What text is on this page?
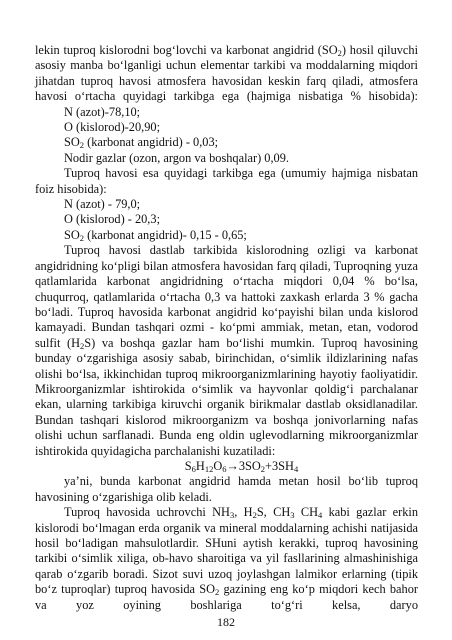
lekin tuproq kislorodni bog‘lovchi va karbonat angidrid $(SO_2)$ hosil qiluvchi asosiy manba bo‘lganligi uchun elementar tarkibi va moddalarning miqdori jihatdan tuproq havosi atmosfera havosidan keskin farq qiladi, atmosfera havosi o‘rtacha quyidagi tarkibga ega (hajmiga nisbatiga % hisobida):

N (azot)-78,10;

O (kislorod)-20,90;

$SO_2$ (karbonat angidrid) - 0,03;

Nodir gazlar (ozon, argon va boshqalar) 0,09.

Tuproq havosi esa quyidagi tarkibga ega (umumiy hajmiga nisbatan foiz hisobida):

N (azot) - 79,0;

O (kislorod) - 20,3;

$SO_2$ (karbonat angidrid)- 0,15 - 0,65;

Tuproq havosi dastlab tarkibida kislorodning ozligi va karbonat angidridning ko‘pligi bilan atmosfera havosidan farq qiladi, Tuproqning yuza qatlamlarida karbonat angidridning o‘rtacha miqdori 0,04 % bo‘lsa, chuqurroq, qatlamlarida o‘rtacha 0,3 va hattoki zaxkash erlarda 3 % gacha bo‘ladi. Tuproq havosida karbonat angidrid ko‘payishi bilan unda kislorod kamayadi. Bundan tashqari ozmi - ko‘pmi ammiak, metan, etan, vodorod sulfit $(H_2S)$ va boshqa gazlar ham bo‘lishi mumkin. Tuproq havosining bunday o‘zgarishiga asosiy sabab, birinchidan, o‘simlik ildizlarining nafas olishi bo‘lsa, ikkinchidan tuproq mikroorganizmlarining hayotiy faoliyatidir. Mikroorganizmlar ishtirokida o‘simlik va hayvonlar qoldig‘i parchalanar ekan, ularning tarkibiga kiruvchi organik birikmalar dastlab oksidlanadilar. Bundan tashqari kislorod mikroorganizm va boshqa jonivorlarning nafas olishi uchun sarflanadi. Bunda eng oldin uglevodlarning mikroorganizmlar ishtirokida quyidagicha parchalanishi kuzatiladi:

$S_6H_{12}O_6\to 3SO_2+3SH_4$

ya’ni, bunda karbonat angidrid hamda metan hosil bo‘lib tuproq havosining o‘zgarishiga olib keladi.

Tuproq havosida uchrovchi $NH_3$, $H_2S$, $CH_3$ $CH_4$ kabi gazlar erkin kislorodi bo‘lmagan erda organik va mineral moddalarning achishi natijasida hosil bo‘ladigan mahsulotlardir. SHuni aytish kerakki, tuproq havosining tarkibi o‘simlik xiliga, ob-havo sharoitiga va yil fasllarining almashinishiga qarab o‘zgarib boradi. Sizot suvi uzoq joylashgan lalmikor erlarning (tipik bo‘z tuproqlar) tuproq havosida $SO_2$ gazining eng ko‘p miqdori kech bahor va yoz oyining boshlariga to‘g‘ri kelsa, daryo

182
